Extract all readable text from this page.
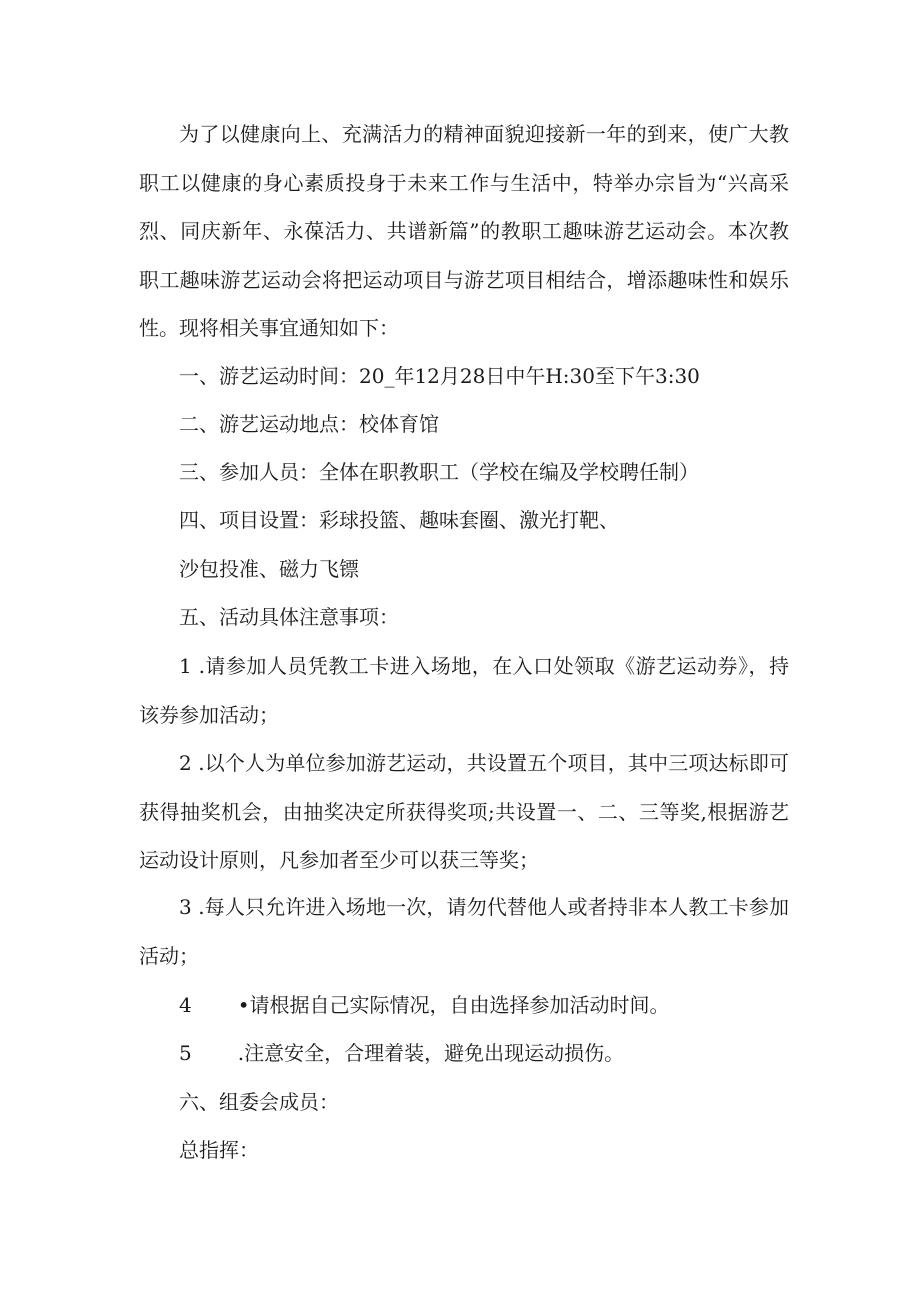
为了以健康向上、充满活力的精神面貌迎接新一年的到来，使广大教职工以健康的身心素质投身于未来工作与生活中，特举办宗旨为“兴高采烈、同庆新年、永葆活力、共谱新篇”的教职工趣味游艺运动会。本次教职工趣味游艺运动会将把运动项目与游艺项目相结合，增添趣味性和娱乐性。现将相关事宜通知如下：

一、游艺运动时间：20_年12月28日中午H:30至下午3:30

二、游艺运动地点：校体育馆

三、参加人员：全体在职教职工（学校在编及学校聘任制）

四、项目设置：彩球投篮、趣味套圈、激光打靶、

沙包投准、磁力飞镖

五、活动具体注意事项：

1 .请参加人员凭教工卡进入场地，在入口处领取《游艺运动券》，持该券参加活动；

2 .以个人为单位参加游艺运动，共设置五个项目，其中三项达标即可获得抽奖机会，由抽奖决定所获得奖项;共设置一、二、三等奖,根据游艺运动设计原则，凡参加者至少可以获三等奖；

3 .每人只允许进入场地一次，请勿代替他人或者持非本人教工卡参加活动；

4 •请根据自己实际情况，自由选择参加活动时间。

5 .注意安全，合理着装，避免出现运动损伤。

六、组委会成员：

总指挥：
